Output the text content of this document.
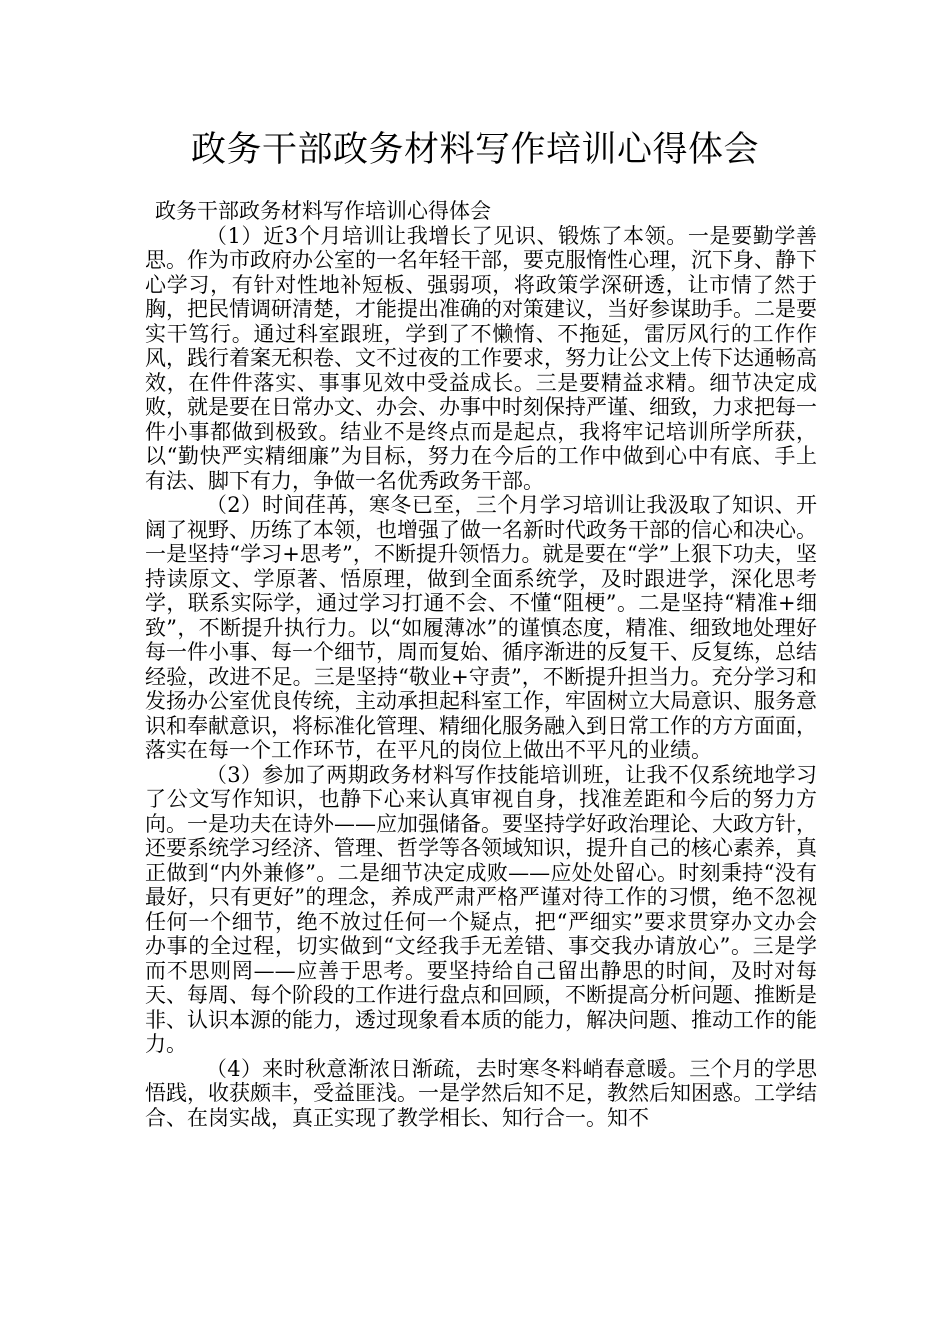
政务干部政务材料写作培训心得体会

政务干部政务材料写作培训心得体会

（1）近3个月培训让我增长了见识、锻炼了本领。一是要勤学善思。作为市政府办公室的一名年轻干部，要克服惰性心理，沉下身、静下心学习，有针对性地补短板、强弱项，将政策学深研透，让市情了然于胸，把民情调研清楚，才能提出准确的对策建议，当好参谋助手。二是要实干笃行。通过科室跟班，学到了不懒惰、不拖延，雷厉风行的工作作风，践行着案无积卷、文不过夜的工作要求，努力让公文上传下达通畅高效，在件件落实、事事见效中受益成长。三是要精益求精。细节决定成败，就是要在日常办文、办会、办事中时刻保持严谨、细致，力求把每一件小事都做到极致。结业不是终点而是起点，我将牢记培训所学所获，以“勤快严实精细廉”为目标，努力在今后的工作中做到心中有底、手上有法、脚下有力，争做一名优秀政务干部。

（2）时间荏苒，寒冬已至，三个月学习培训让我汲取了知识、开阔了视野、历练了本领，也增强了做一名新时代政务干部的信心和决心。一是坚持“学习+思考”，不断提升领悟力。就是要在“学”上狠下功夫，坚持读原文、学原著、悟原理，做到全面系统学，及时跟进学，深化思考学，联系实际学，通过学习打通不会、不懂“阻梗”。二是坚持“精准+细致”，不断提升执行力。以“如履薄冰”的谨慎态度，精准、细致地处理好每一件小事、每一个细节，周而复始、循序渐进的反复干、反复练，总结经验，改进不足。三是坚持“敬业+守责”，不断提升担当力。充分学习和发扬办公室优良传统，主动承担起科室工作，牢固树立大局意识、服务意识和奉献意识，将标准化管理、精细化服务融入到日常工作的方方面面，落实在每一个工作环节，在平凡的岗位上做出不平凡的业绩。

（3）参加了两期政务材料写作技能培训班，让我不仅系统地学习了公文写作知识，也静下心来认真审视自身，找准差距和今后的努力方向。一是功夫在诗外——应加强储备。要坚持学好政治理论、大政方针，还要系统学习经济、管理、哲学等各领域知识，提升自己的核心素养，真正做到“内外兼修”。二是细节决定成败——应处处留心。时刻秉持“没有最好，只有更好”的理念，养成严肃严格严谨对待工作的习惯，绝不忽视任何一个细节，绝不放过任何一个疑点，把“严细实”要求贯穿办文办会办事的全过程，切实做到“文经我手无差错、事交我办请放心”。三是学而不思则罔——应善于思考。要坚持给自己留出静思的时间，及时对每天、每周、每个阶段的工作进行盘点和回顾，不断提高分析问题、推断是非、认识本源的能力，透过现象看本质的能力，解决问题、推动工作的能力。

（4）来时秋意渐浓日渐疏，去时寒冬料峭春意暖。三个月的学思悟践，收获颇丰，受益匪浅。一是学然后知不足，教然后知困惑。工学结合、在岗实战，真正实现了教学相长、知行合一。知不
